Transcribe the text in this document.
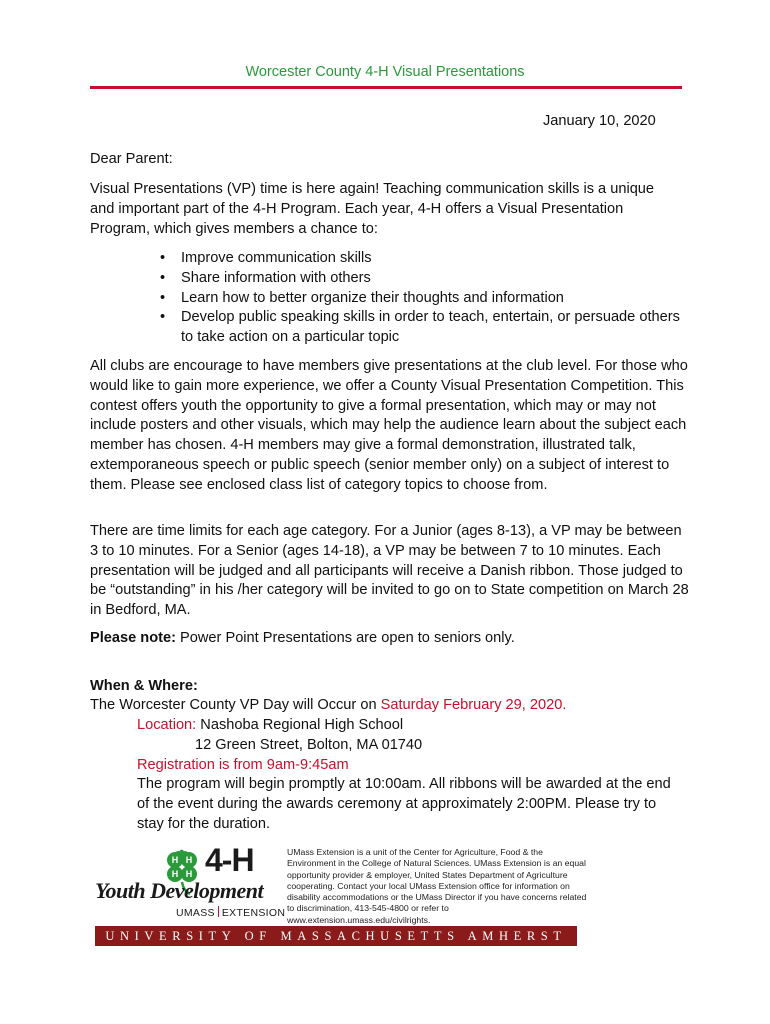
Worcester County 4-H Visual Presentations
January 10, 2020
Dear Parent:
Visual Presentations (VP) time is here again! Teaching communication skills is a unique and important part of the 4-H Program. Each year, 4-H offers a Visual Presentation Program, which gives members a chance to:
• Improve communication skills
• Share information with others
• Learn how to better organize their thoughts and information
• Develop public speaking skills in order to teach, entertain, or persuade others to take action on a particular topic
All clubs are encourage to have members give presentations at the club level. For those who would like to gain more experience, we offer a County Visual Presentation Competition. This contest offers youth the opportunity to give a formal presentation, which may or may not include posters and other visuals, which may help the audience learn about the subject each member has chosen. 4-H members may give a formal demonstration, illustrated talk, extemporaneous speech or public speech (senior member only) on a subject of interest to them. Please see enclosed class list of category topics to choose from.
There are time limits for each age category. For a Junior (ages 8-13), a VP may be between 3 to 10 minutes. For a Senior (ages 14-18), a VP may be between 7 to 10 minutes. Each presentation will be judged and all participants will receive a Danish ribbon. Those judged to be “outstanding” in his /her category will be invited to go on to State competition on March 28 in Bedford, MA.
Please note: Power Point Presentations are open to seniors only.
When & Where:
The Worcester County VP Day will Occur on Saturday February 29, 2020.
Location: Nashoba Regional High School
12 Green Street, Bolton, MA 01740
Registration is from 9am-9:45am
The program will begin promptly at 10:00am. All ribbons will be awarded at the end of the event during the awards ceremony at approximately 2:00PM. Please try to stay for the duration.
H H
H H 4-H
Youth Development
UMASS EXTENSION
UMass Extension is a unit of the Center for Agriculture, Food & the Environment in the College of Natural Sciences. UMass Extension is an equal opportunity provider & employer, United States Department of Agriculture cooperating. Contact your local UMass Extension office for information on disability accommodations or the UMass Director if you have concerns related to discrimination, 413-545-4800 or refer to www.extension.umass.edu/civilrights.
UNIVERSITY OF MASSACHUSETTS AMHERST
